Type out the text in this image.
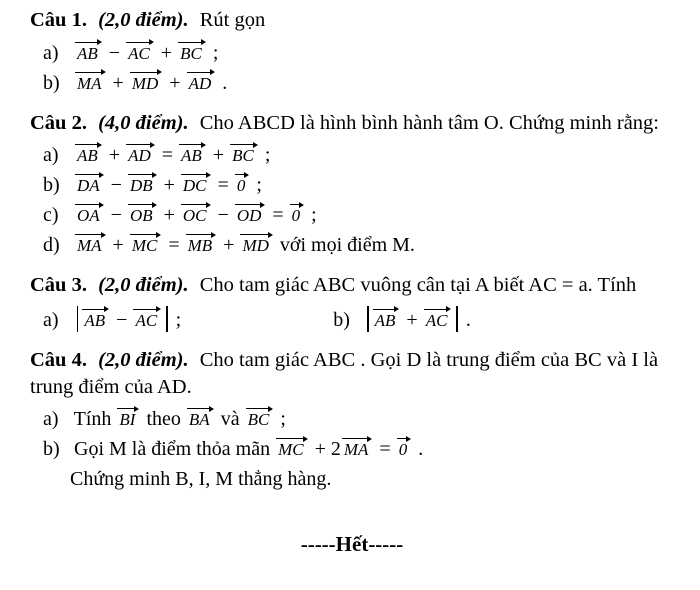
Câu 1. (2,0 điểm). Rút gọn

a) AB − AC + BC ;

b) MA + MD + AD .

Câu 2. (4,0 điểm). Cho ABCD là hình bình hành tâm O. Chứng minh rằng:

a) AB + AD = AB + BC ;

b) DA − DB + DC = 0 ;

c) OA − OB + OC − OD = 0 ;

d) MA + MC = MB + MD với mọi điểm M.

Câu 3. (2,0 điểm). Cho tam giác ABC vuông cân tại A biết AC = a. Tính

a) AB − AC ;	b) AB + AC .

Câu 4. (2,0 điểm). Cho tam giác ABC . Gọi D là trung điểm của BC và I là trung điểm của AD.

a) Tính BI theo BA và BC ;

b) Gọi M là điểm thỏa mãn MC + 2 MA = 0 .

Chứng minh B, I, M thẳng hàng.

-----Hết-----
